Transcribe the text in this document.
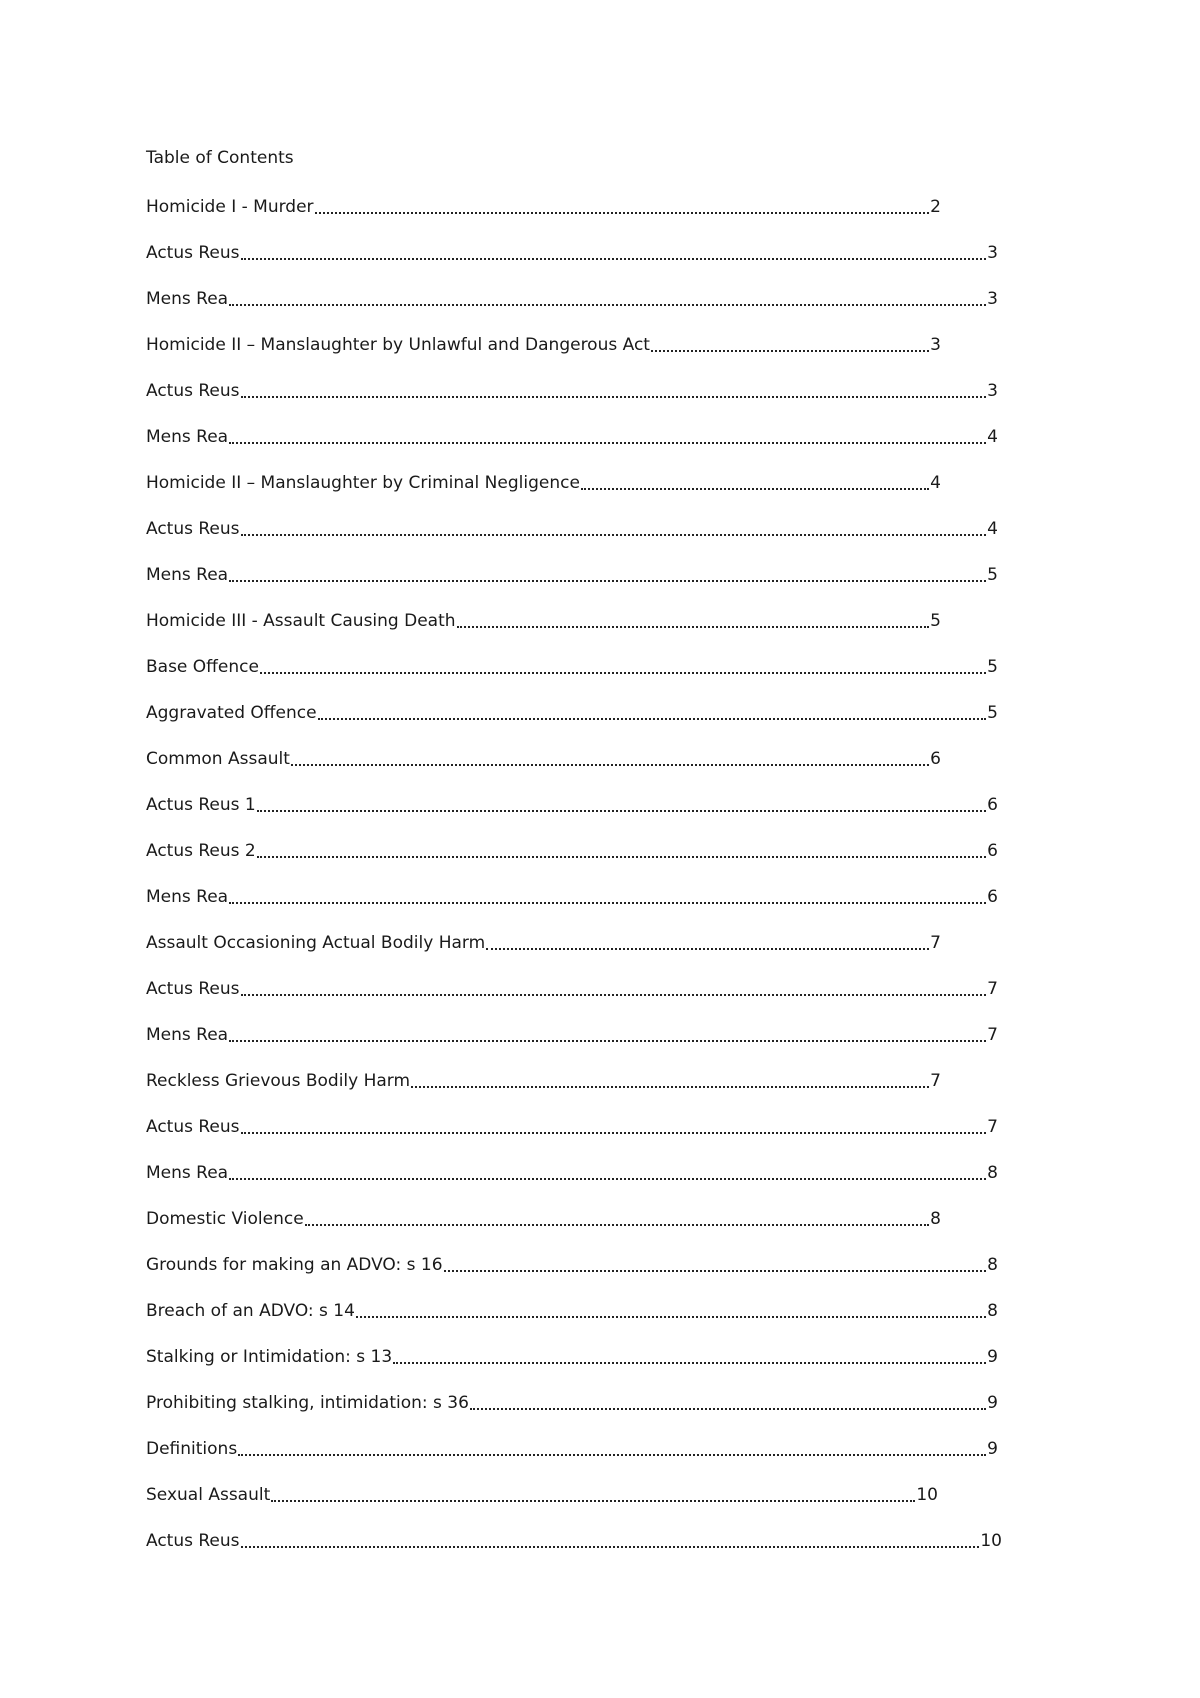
Table of Contents
Homicide I - Murder	2
Actus Reus	3
Mens Rea	3
Homicide II – Manslaughter by Unlawful and Dangerous Act	3
Actus Reus	3
Mens Rea	4
Homicide II – Manslaughter by Criminal Negligence	4
Actus Reus	4
Mens Rea	5
Homicide III - Assault Causing Death	5
Base Offence	5
Aggravated Offence	5
Common Assault	6
Actus Reus 1	6
Actus Reus 2	6
Mens Rea	6
Assault Occasioning Actual Bodily Harm	7
Actus Reus	7
Mens Rea	7
Reckless Grievous Bodily Harm	7
Actus Reus	7
Mens Rea	8
Domestic Violence	8
Grounds for making an ADVO: s 16	8
Breach of an ADVO: s 14	8
Stalking or Intimidation: s 13	9
Prohibiting stalking, intimidation: s 36	9
Definitions	9
Sexual Assault	10
Actus Reus	10
